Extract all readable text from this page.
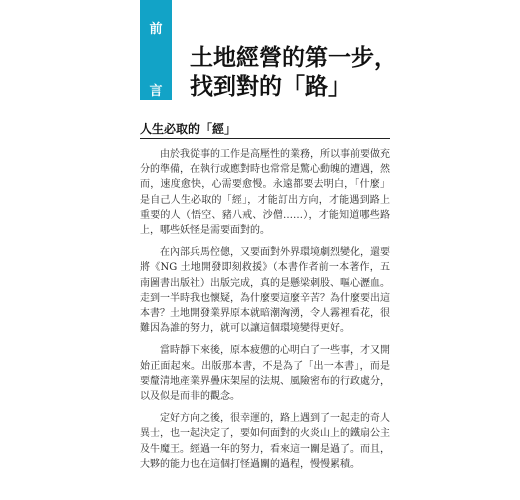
前
言
土地經營的第一步，
找到對的「路」
人生必取的「經」

由於我從事的工作是高壓性的業務，所以事前要做充分的準備，在執行或應對時也常常是驚心動魄的遭遇，然而，速度愈快，心需要愈慢。永遠都要去明白，「什麼」是自己人生必取的「經」，才能訂出方向，才能遇到路上重要的人（悟空、豬八戒、沙僧……），才能知道哪些路上，哪些妖怪是需要面對的。

在內部兵馬倥傯，又要面對外界環境劇烈變化，還要將《NG 土地開發即刻救援》（本書作者前一本著作，五南圖書出版社）出版完成，真的是懸梁刺股、嘔心瀝血。走到一半時我也懷疑，為什麼要這麼辛苦？為什麼要出這本書？土地開發業界原本就暗潮洶湧，令人霧裡看花，很難因為誰的努力，就可以讓這個環境變得更好。

當時靜下來後，原本疲憊的心明白了一些事，才又開始正面起來。出版那本書，不是為了「出一本書」，而是要釐清地產業界疊床架屋的法規、風險密布的行政處分，以及似是而非的觀念。

定好方向之後，很幸運的，路上遇到了一起走的奇人異士，也一起決定了，要如何面對的火炎山上的鐵扇公主及牛魔王。經過一年的努力，看來這一關是過了。而且，大夥的能力也在這個打怪過關的過程，慢慢累積。
